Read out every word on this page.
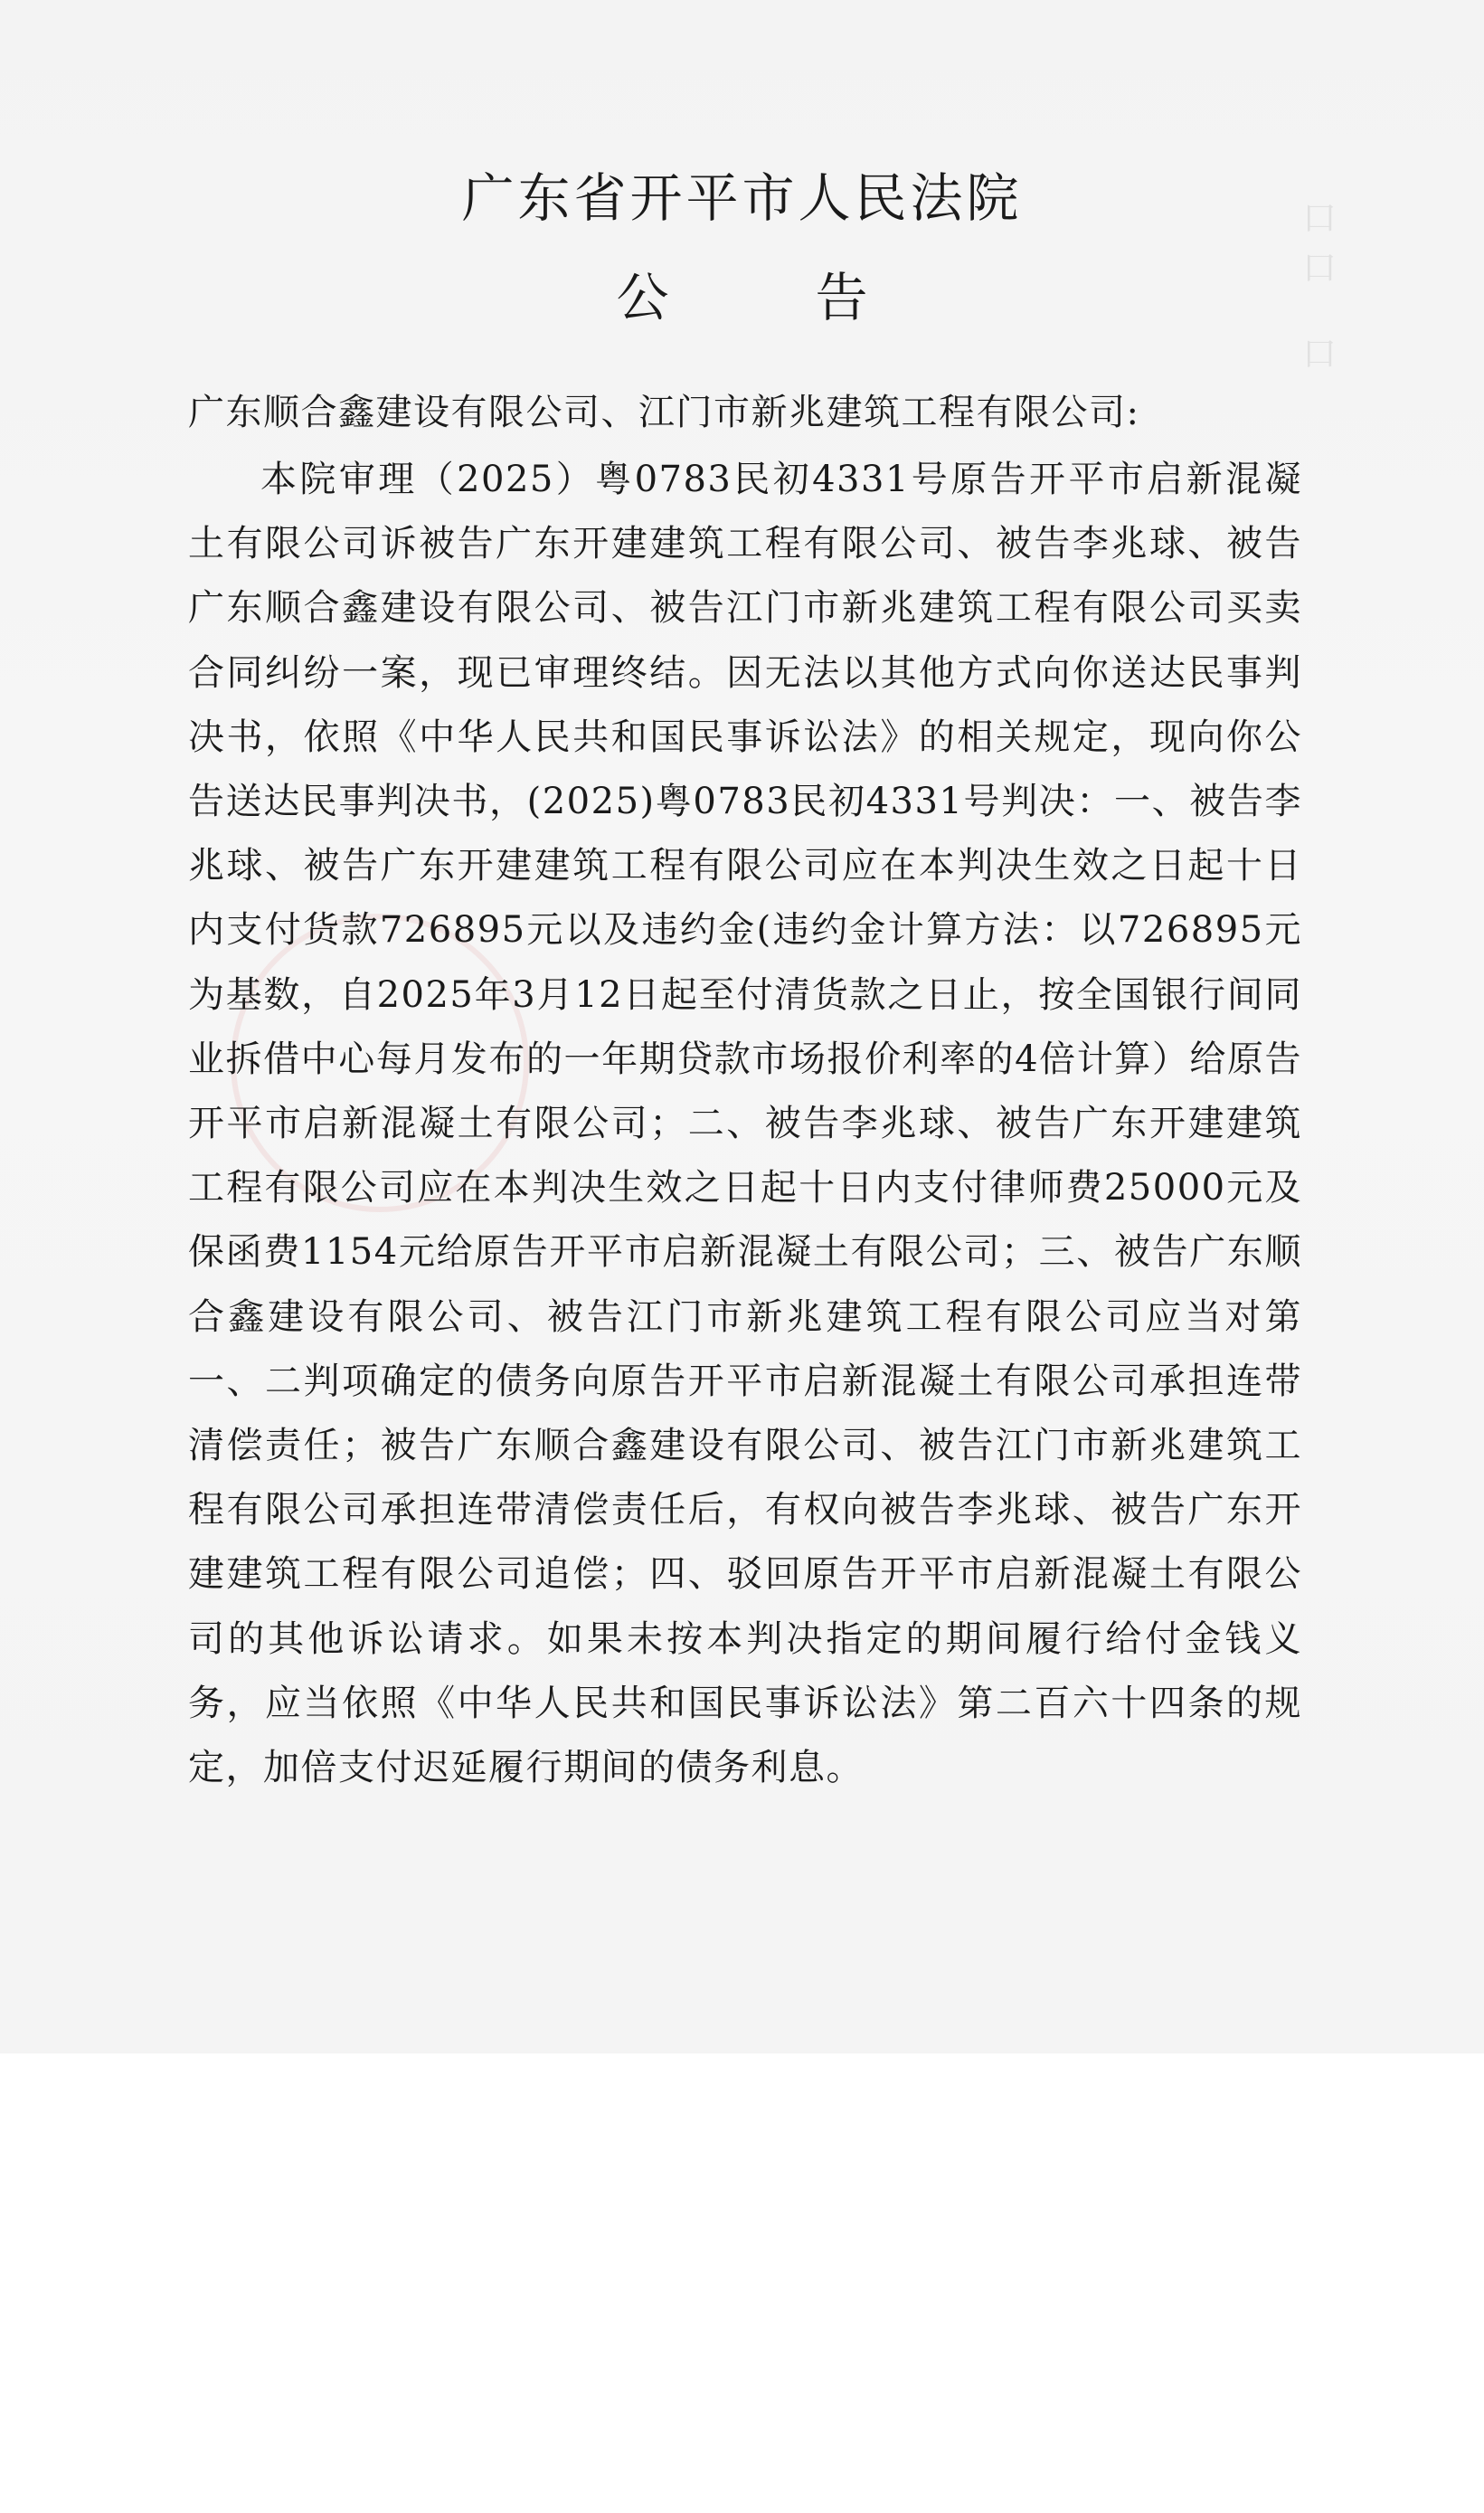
口
口
口
广东省开平市人民法院
公　告
广东顺合鑫建设有限公司、江门市新兆建筑工程有限公司:
本院审理（2025）粤0783民初4331号原告开平市启新混凝土有限公司诉被告广东开建建筑工程有限公司、被告李兆球、被告广东顺合鑫建设有限公司、被告江门市新兆建筑工程有限公司买卖合同纠纷一案，现已审理终结。因无法以其他方式向你送达民事判决书，依照《中华人民共和国民事诉讼法》的相关规定，现向你公告送达民事判决书，(2025)粤0783民初4331号判决：一、被告李兆球、被告广东开建建筑工程有限公司应在本判决生效之日起十日内支付货款726895元以及违约金(违约金计算方法：以726895元为基数，自2025年3月12日起至付清货款之日止，按全国银行间同业拆借中心每月发布的一年期贷款市场报价利率的4倍计算）给原告开平市启新混凝土有限公司；二、被告李兆球、被告广东开建建筑工程有限公司应在本判决生效之日起十日内支付律师费25000元及保函费1154元给原告开平市启新混凝土有限公司；三、被告广东顺合鑫建设有限公司、被告江门市新兆建筑工程有限公司应当对第一、二判项确定的债务向原告开平市启新混凝土有限公司承担连带清偿责任；被告广东顺合鑫建设有限公司、被告江门市新兆建筑工程有限公司承担连带清偿责任后，有权向被告李兆球、被告广东开建建筑工程有限公司追偿；四、驳回原告开平市启新混凝土有限公司的其他诉讼请求。如果未按本判决指定的期间履行给付金钱义务，应当依照《中华人民共和国民事诉讼法》第二百六十四条的规定，加倍支付迟延履行期间的债务利息。
